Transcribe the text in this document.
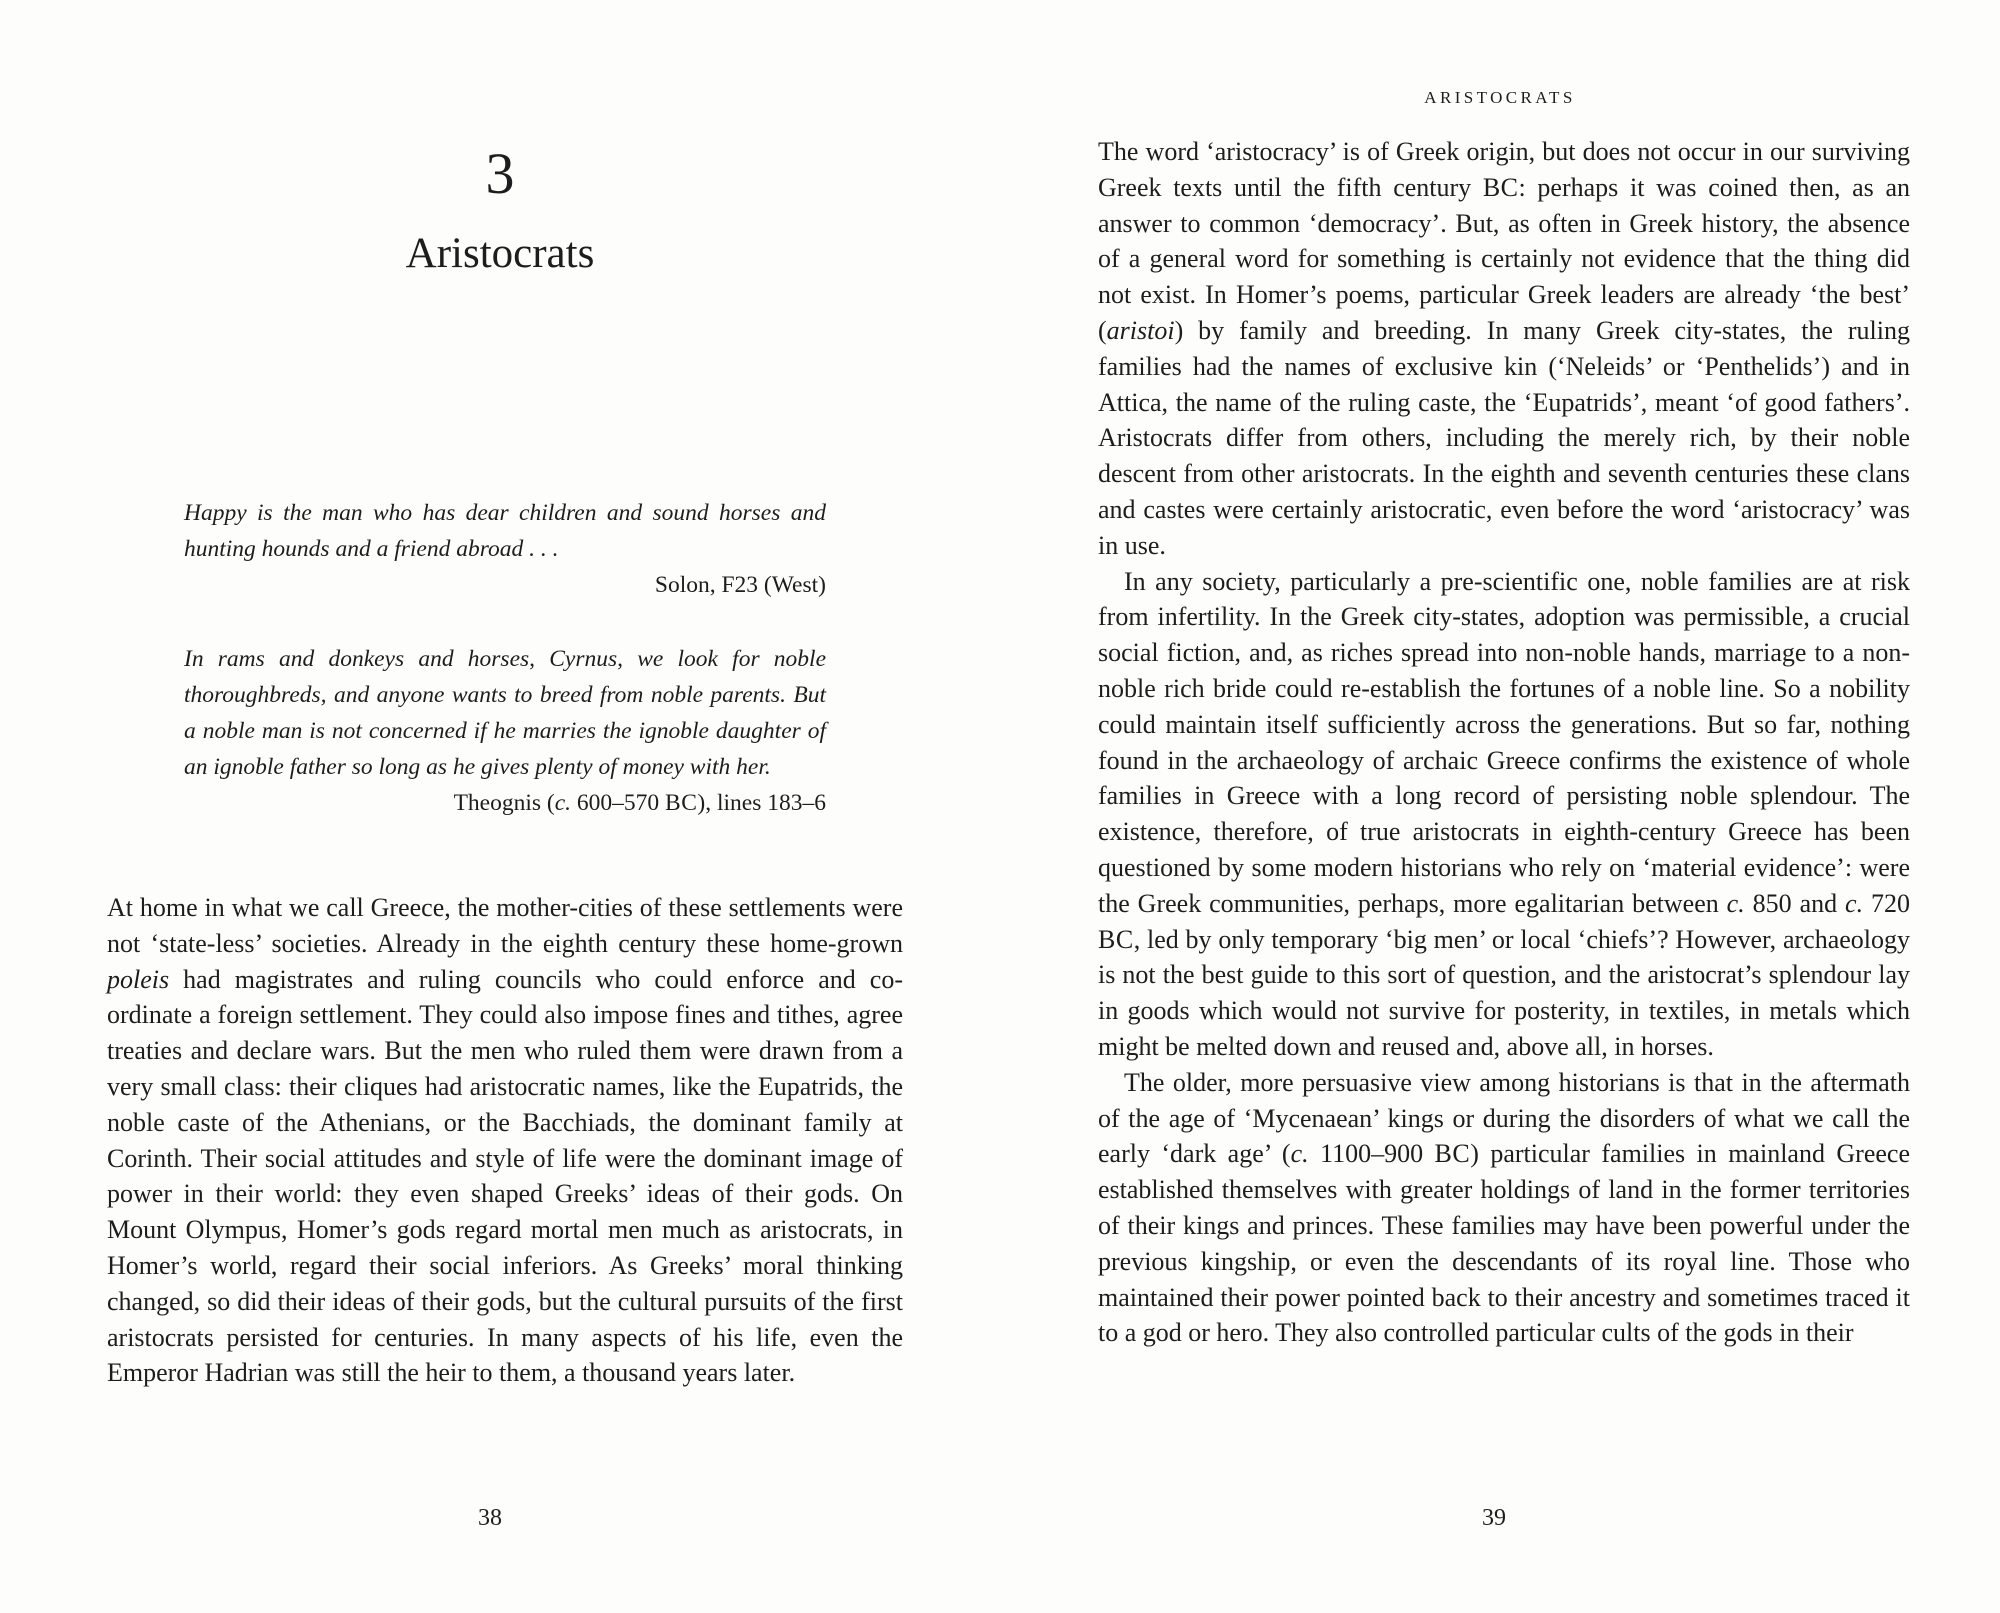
3
Aristocrats
Happy is the man who has dear children and sound horses and hunting hounds and a friend abroad . . .
Solon, F23 (West)
In rams and donkeys and horses, Cyrnus, we look for noble thoroughbreds, and anyone wants to breed from noble parents. But a noble man is not concerned if he marries the ignoble daughter of an ignoble father so long as he gives plenty of money with her.
Theognis (c. 600–570 BC), lines 183–6

At home in what we call Greece, the mother-cities of these settlements were not ‘state-less’ societies. Already in the eighth century these home-grown poleis had magistrates and ruling councils who could enforce and co-ordinate a foreign settlement. They could also impose fines and tithes, agree treaties and declare wars. But the men who ruled them were drawn from a very small class: their cliques had aristocratic names, like the Eupatrids, the noble caste of the Athenians, or the Bacchiads, the dominant family at Corinth. Their social attitudes and style of life were the dominant image of power in their world: they even shaped Greeks’ ideas of their gods. On Mount Olympus, Homer’s gods regard mortal men much as aristocrats, in Homer’s world, regard their social inferiors. As Greeks’ moral thinking changed, so did their ideas of their gods, but the cultural pursuits of the first aristocrats persisted for centuries. In many aspects of his life, even the Emperor Hadrian was still the heir to them, a thousand years later.

38
ARISTOCRATS

The word ‘aristocracy’ is of Greek origin, but does not occur in our surviving Greek texts until the fifth century BC: perhaps it was coined then, as an answer to common ‘democracy’. But, as often in Greek history, the absence of a general word for something is certainly not evidence that the thing did not exist. In Homer’s poems, particular Greek leaders are already ‘the best’ (aristoi) by family and breeding. In many Greek city-states, the ruling families had the names of exclusive kin (‘Neleids’ or ‘Penthelids’) and in Attica, the name of the ruling caste, the ‘Eupatrids’, meant ‘of good fathers’. Aristocrats differ from others, including the merely rich, by their noble descent from other aristocrats. In the eighth and seventh centuries these clans and castes were certainly aristocratic, even before the word ‘aristocracy’ was in use.

In any society, particularly a pre-scientific one, noble families are at risk from infertility. In the Greek city-states, adoption was permissible, a crucial social fiction, and, as riches spread into non-noble hands, marriage to a non-noble rich bride could re-establish the fortunes of a noble line. So a nobility could maintain itself sufficiently across the generations. But so far, nothing found in the archaeology of archaic Greece confirms the existence of whole families in Greece with a long record of persisting noble splendour. The existence, therefore, of true aristocrats in eighth-century Greece has been questioned by some modern historians who rely on ‘material evidence’: were the Greek communities, perhaps, more egalitarian between c. 850 and c. 720 BC, led by only temporary ‘big men’ or local ‘chiefs’? However, archaeology is not the best guide to this sort of question, and the aristocrat’s splendour lay in goods which would not survive for posterity, in textiles, in metals which might be melted down and reused and, above all, in horses.

The older, more persuasive view among historians is that in the aftermath of the age of ‘Mycenaean’ kings or during the disorders of what we call the early ‘dark age’ (c. 1100–900 BC) particular families in mainland Greece established themselves with greater holdings of land in the former territories of their kings and princes. These families may have been powerful under the previous kingship, or even the descendants of its royal line. Those who maintained their power pointed back to their ancestry and sometimes traced it to a god or hero. They also controlled particular cults of the gods in their

39
